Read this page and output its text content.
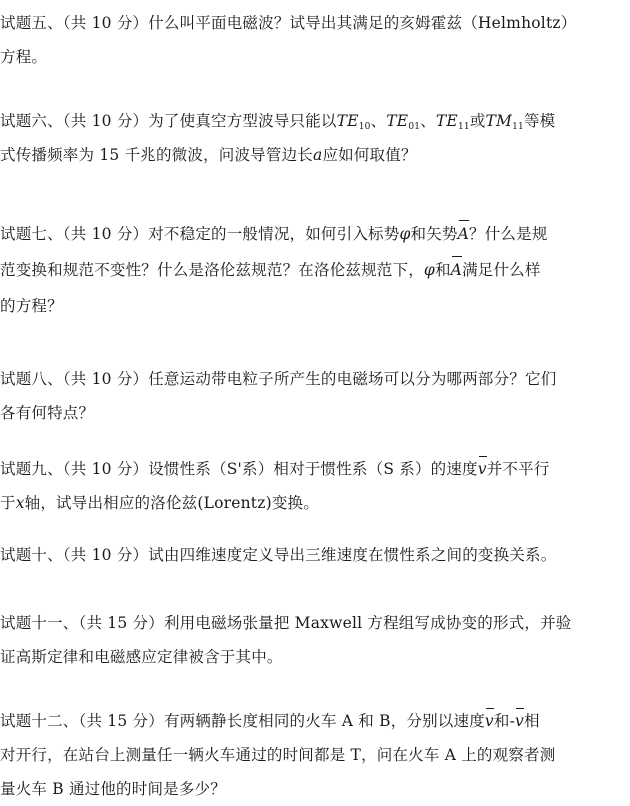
试题五、（共 10 分）什么叫平面电磁波？试导出其满足的亥姆霍兹（Helmholtz）
方程。
试题六、（共 10 分）为了使真空方型波导只能以$TE_{10}$、$TE_{01}$、$TE_{11}$或$TM_{11}$等模
式传播频率为 15 千兆的微波，问波导管边长a应如何取值？
试题七、（共 10 分）对不稳定的一般情况，如何引入标势φ和矢势A？什么是规
范变换和规范不变性？什么是洛伦兹规范？在洛伦兹规范下，φ和A满足什么样
的方程？
试题八、（共 10 分）任意运动带电粒子所产生的电磁场可以分为哪两部分？它们
各有何特点？
试题九、（共 10 分）设惯性系（S'系）相对于惯性系（S 系）的速度v并不平行
于x轴，试导出相应的洛伦兹(Lorentz)变换。
试题十、（共 10 分）试由四维速度定义导出三维速度在惯性系之间的变换关系。
试题十一、（共 15 分）利用电磁场张量把 Maxwell 方程组写成协变的形式，并验
证高斯定律和电磁感应定律被含于其中。
试题十二、（共 15 分）有两辆静长度相同的火车 A 和 B，分别以速度v和-v相
对开行，在站台上测量任一辆火车通过的时间都是 T，问在火车 A 上的观察者测
量火车 B 通过他的时间是多少？
